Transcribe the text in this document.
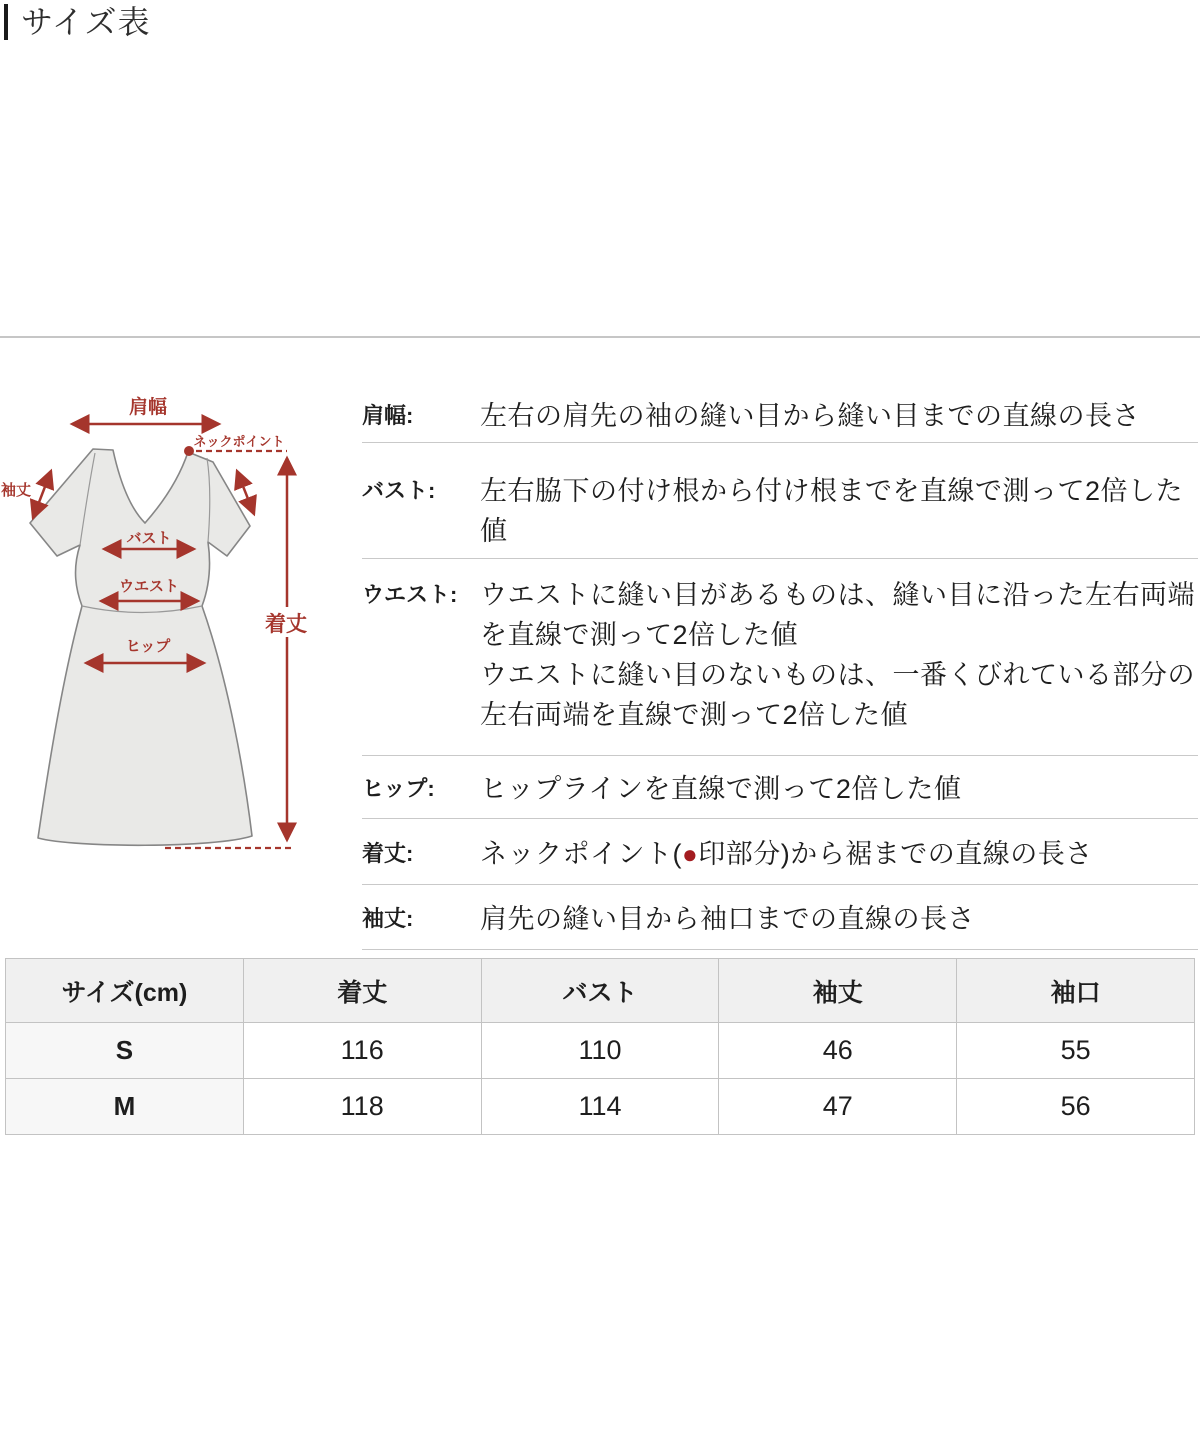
サイズ表
肩幅
ネックポイント
袖丈
バスト
ウエスト
ヒップ
着丈
肩幅:	左右の肩先の袖の縫い目から縫い目までの直線の長さ
バスト:	左右脇下の付け根から付け根までを直線で測って2倍した値
ウエスト: ウエストに縫い目があるものは、縫い目に沿った左右両端
を直線で測って2倍した値
ウエストに縫い目のないものは、一番くびれている部分の
左右両端を直線で測って2倍した値
ヒップ:	ヒップラインを直線で測って2倍した値
着丈:	ネックポイント(●印部分)から裾までの直線の長さ
袖丈:	肩先の縫い目から袖口までの直線の長さ
サイズ(cm)	着丈	バスト	袖丈	袖口
S	116	110	46	55
M	118	114	47	56
